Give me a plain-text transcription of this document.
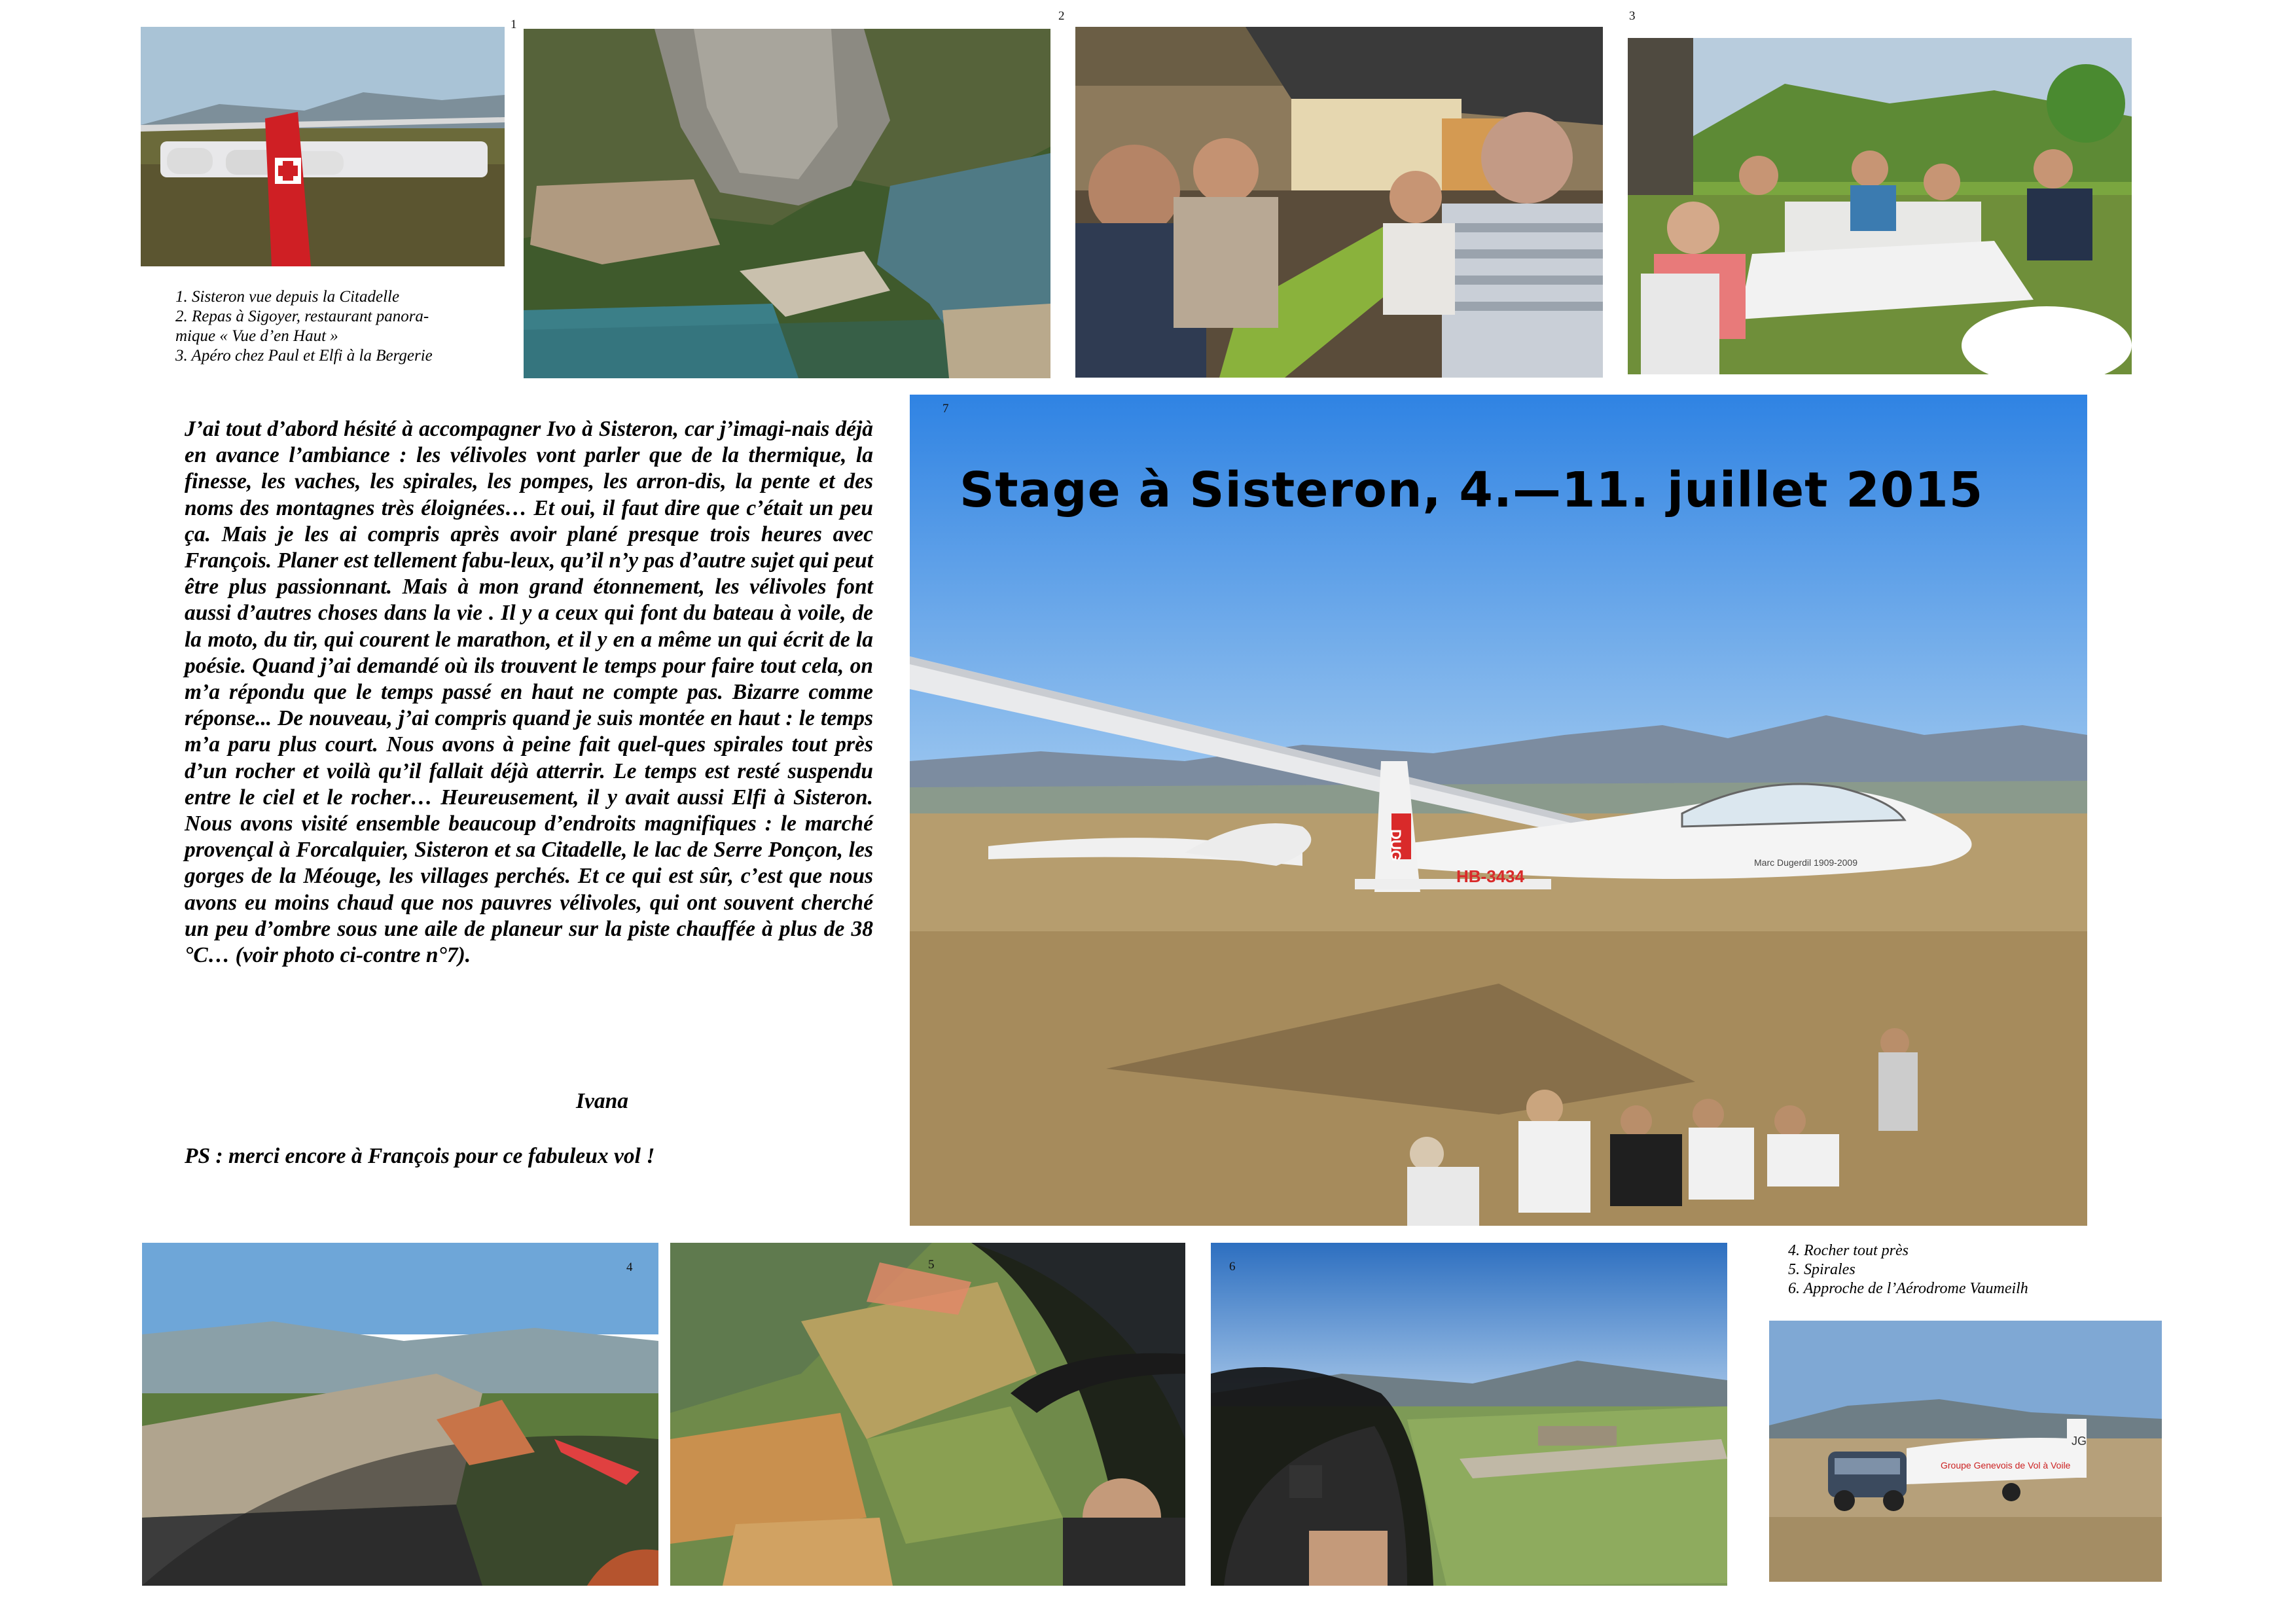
1
2	3
1. Sisteron vue depuis la Citadelle
2. Repas à Sigoyer, restaurant panora-
mique « Vue d’en Haut »
3. Apéro chez Paul et Elfi à la Bergerie

J’ai tout d’abord hésité à accompagner Ivo à Sisteron, car j’imagi-nais déjà en avance l’ambiance : les vélivoles vont parler que de la thermique, la finesse, les vaches, les spirales, les pompes, les arron-dis, la pente et des noms des montagnes très éloignées… Et oui, il faut dire que c’était un peu ça. Mais je les ai compris après avoir plané presque trois heures avec François. Planer est tellement fabu-leux, qu’il n’y pas d’autre sujet qui peut être plus passionnant. Mais à mon grand étonnement, les vélivoles font aussi d’autres choses dans la vie . Il y a ceux qui font du bateau à voile, de la moto, du tir, qui courent le marathon, et il y en a même un qui écrit de la poésie. Quand j’ai demandé où ils trouvent le temps pour faire tout cela, on m’a répondu que le temps passé en haut ne compte pas. Bizarre comme réponse... De nouveau, j’ai compris quand je suis montée en haut : le temps m’a paru plus court. Nous avons à peine fait quel-ques spirales tout près d’un rocher et voilà qu’il fallait déjà atterrir. Le temps est resté suspendu entre le ciel et le rocher… Heureusement, il y avait aussi Elfi à Sisteron. Nous avons visité ensemble beaucoup d’endroits magnifiques : le marché provençal à Forcalquier, Sisteron et sa Citadelle, le lac de Serre Ponçon, les gorges de la Méouge, les villages perchés. Et ce qui est sûr, c’est que nous avons eu moins chaud que nos pauvres vélivoles, qui ont souvent cherché un peu d’ombre sous une aile de planeur sur la piste chauffée à plus de 38 °C… (voir photo ci-contre n°7).

Ivana
PS : merci encore à François pour ce fabuleux vol !
HB-3434
DUG
Marc Dugerdil 1909-2009
7
Stage à Sisteron, 4.—11. juillet 2015
4	5	6
4. Rocher tout près
5. Spirales
6. Approche de l’Aérodrome Vaumeilh
Groupe Genevois de Vol à Voile
JG
